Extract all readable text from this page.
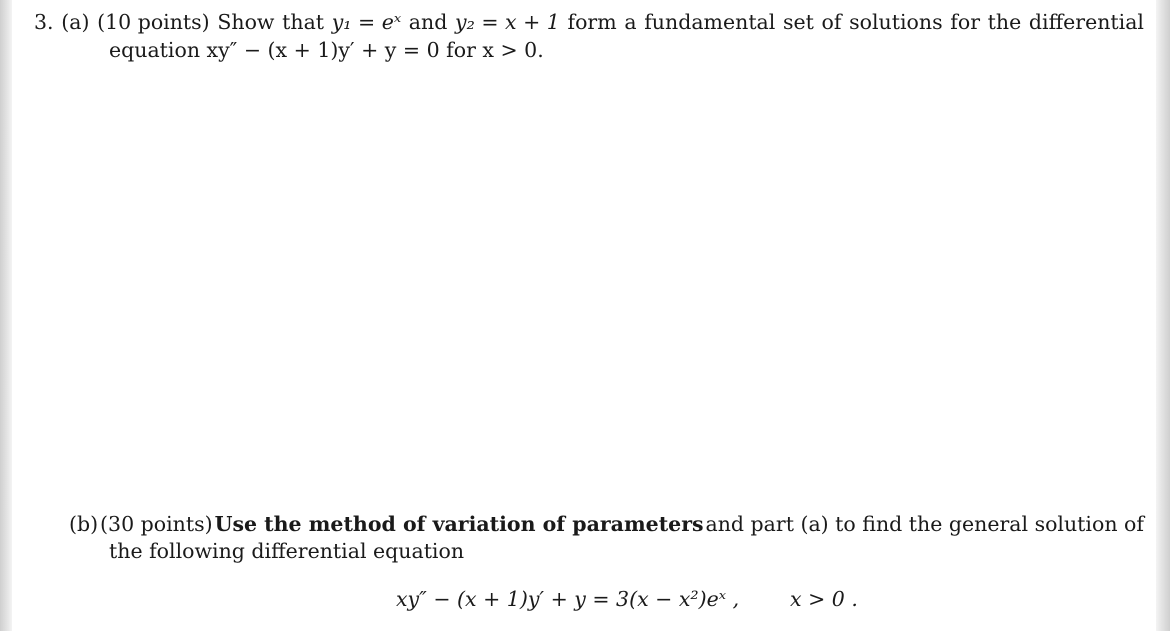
3. (a) (10 points) Show that y₁ = eˣ and y₂ = x + 1 form a fundamental set of solutions for the differential
equation xy″ − (x + 1)y′ + y = 0 for x > 0.
(b) (30 points) Use the method of variation of parameters and part (a) to find the general solution of
the following differential equation
xy″ − (x + 1)y′ + y = 3(x − x²)eˣ , x > 0 .
